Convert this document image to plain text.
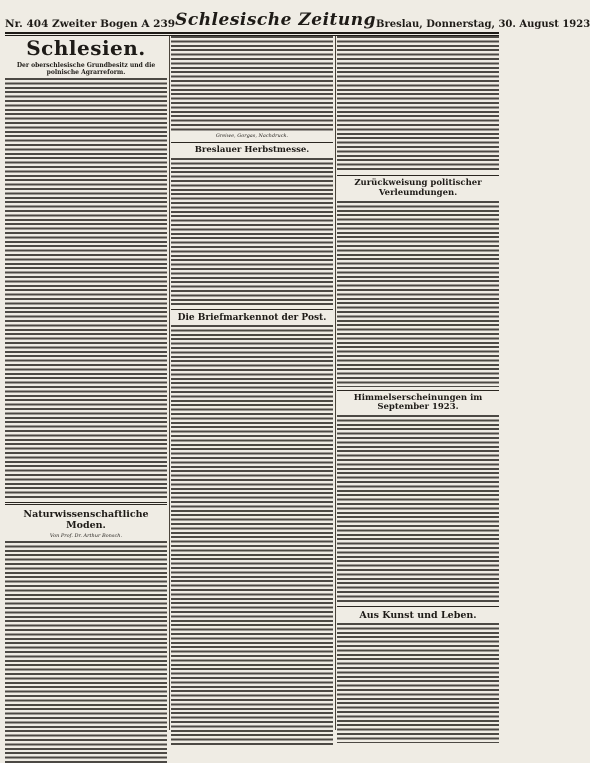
Nr. 404 Zweiter Bogen A 239 Schlesische Zeitung Breslau, Donnerstag, 30. August 1923
Schlesien.
Der oberschlesische Grundbesitz und die polnische Agrarreform.
Naturwissenschaftliche Moden.
Von Prof. Dr. Arthur Bonsch.
Greiwe, Gorgas, Nachdruck.
Breslauer Herbstmesse.
Die Briefmarkennot der Post.
Zurückweisung politischer Verleumdungen.
Himmelserscheinungen im September 1923.
Aus Kunst und Leben.
